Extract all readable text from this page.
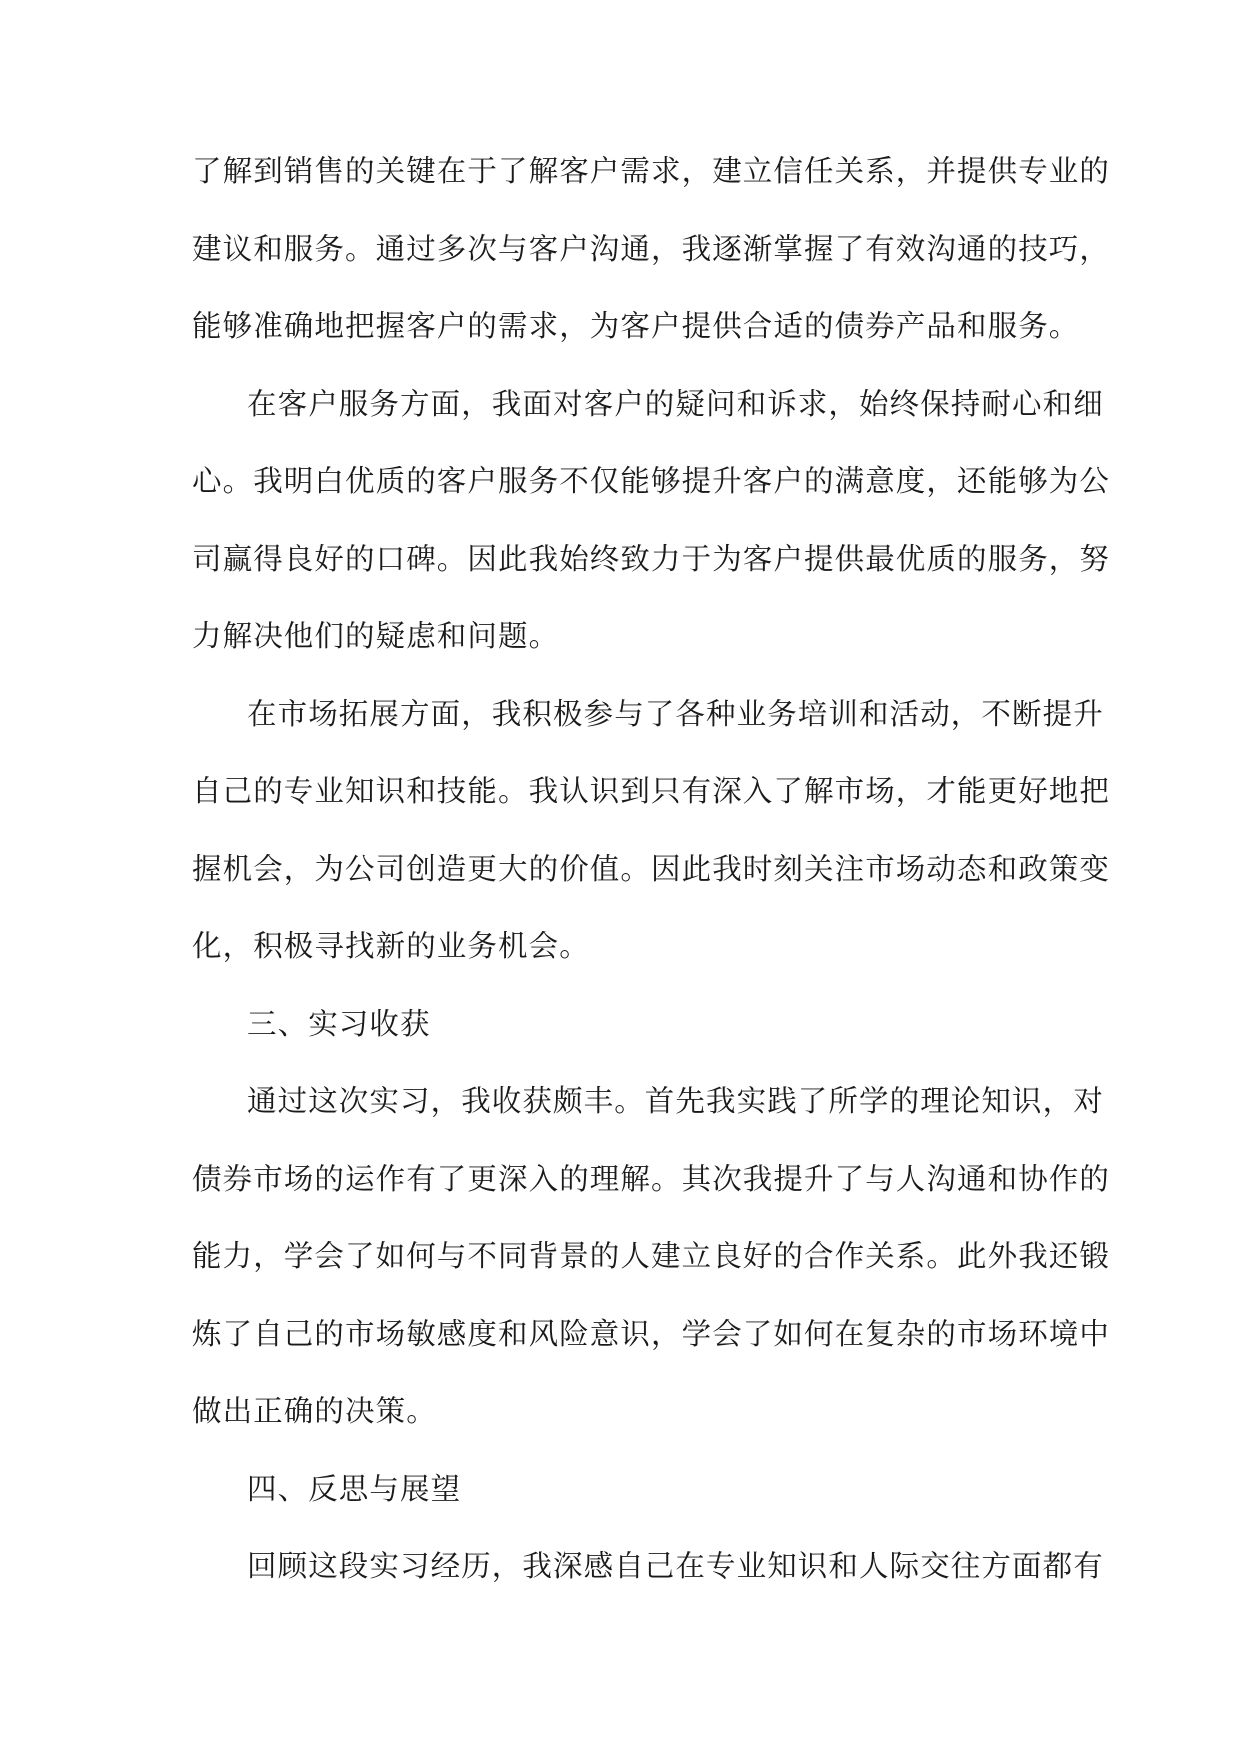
了解到销售的关键在于了解客户需求，建立信任关系，并提供专业的
建议和服务。通过多次与客户沟通，我逐渐掌握了有效沟通的技巧，
能够准确地把握客户的需求，为客户提供合适的债券产品和服务。
在客户服务方面，我面对客户的疑问和诉求，始终保持耐心和细
心。我明白优质的客户服务不仅能够提升客户的满意度，还能够为公
司赢得良好的口碑。因此我始终致力于为客户提供最优质的服务，努
力解决他们的疑虑和问题。
在市场拓展方面，我积极参与了各种业务培训和活动，不断提升
自己的专业知识和技能。我认识到只有深入了解市场，才能更好地把
握机会，为公司创造更大的价值。因此我时刻关注市场动态和政策变
化，积极寻找新的业务机会。
三、实习收获
通过这次实习，我收获颇丰。首先我实践了所学的理论知识，对
债券市场的运作有了更深入的理解。其次我提升了与人沟通和协作的
能力，学会了如何与不同背景的人建立良好的合作关系。此外我还锻
炼了自己的市场敏感度和风险意识，学会了如何在复杂的市场环境中
做出正确的决策。
四、反思与展望
回顾这段实习经历，我深感自己在专业知识和人际交往方面都有
